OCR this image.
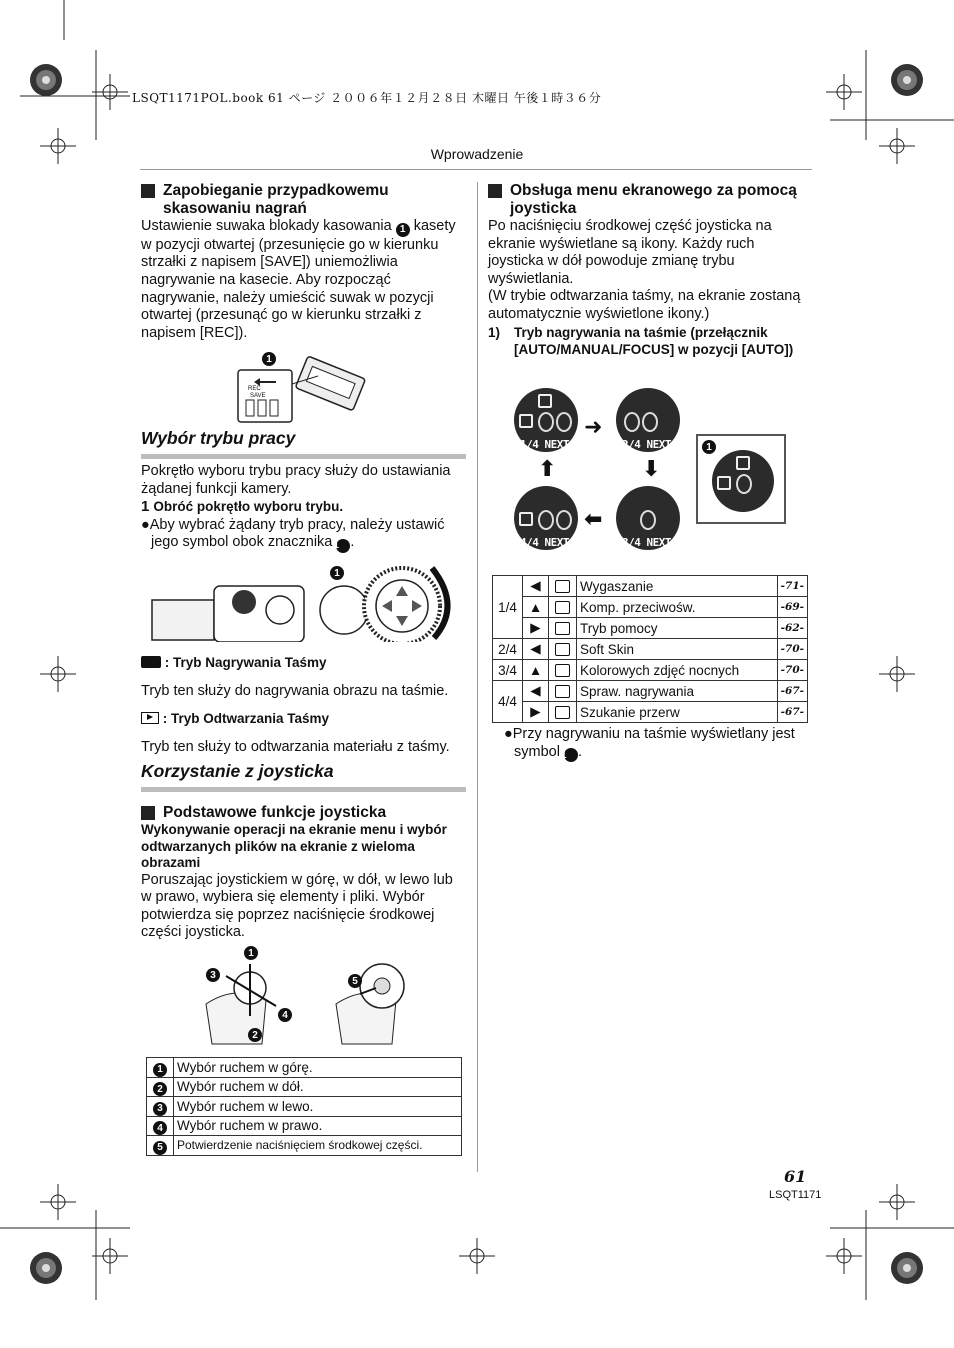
LSQT1171POL.book 61 ページ ２００６年１２月２８日 木曜日 午後１時３６分
Wprowadzenie
Zapobieganie przypadkowemu skasowaniu nagrań

Ustawienie suwaka blokady kasowania 1 kasety w pozycji otwartej (przesunięcie go w kierunku strzałki z napisem [SAVE]) uniemożliwia nagrywanie na kasecie. Aby rozpocząć nagrywanie, należy umieścić suwak w pozycji otwartej (przesunąć go w kierunku strzałki z napisem [REC]).

1
REC
SAVE
Wybór trybu pracy

Pokrętło wyboru trybu pracy służy do ustawiania żądanej funkcji kamery.

1 Obróć pokrętło wyboru trybu.

●Aby wybrać żądany tryb pracy, należy ustawić jego symbol obok znacznika 1 .

1

: Tryb Nagrywania Taśmy

Tryb ten służy do nagrywania obrazu na taśmie.

: Tryb Odtwarzania Taśmy

Tryb ten służy to odtwarzania materiału z taśmy.

Korzystanie z joysticka
Podstawowe funkcje joysticka

Wykonywanie operacji na ekranie menu i wybór odtwarzanych plików na ekranie z wieloma obrazami

Poruszając joystickiem w górę, w dół, w lewo lub w prawo, wybiera się elementy i pliki. Wybór potwierdza się poprzez naciśnięcie środkowej części joysticka.

1
2
3
4
5
1	Wybór ruchem w górę.
2	Wybór ruchem w dół.
3	Wybór ruchem w lewo.
4	Wybór ruchem w prawo.
5	Potwierdzenie naciśnięciem środkowej części.
Obsługa menu ekranowego za pomocą joysticka

Po naciśnięciu środkowej część joysticka na ekranie wyświetlane są ikony. Każdy ruch joysticka w dół powoduje zmianę trybu wyświetlania.

(W trybie odtwarzania taśmy, na ekranie zostaną automatycznie wyświetlone ikony.)

1)	Tryb nagrywania na taśmie (przełącznik [AUTO/MANUAL/FOCUS] w pozycji [AUTO])

1/4 NEXT	2/4 NEXT
3/4 NEXT
4/4 NEXT
➜
⬇
⬅
⬆
1
1/4	◀		Wygaszanie	-71-
	▲		Komp. przeciwośw.	-69-
	▶		Tryb pomocy	-62-
2/4	◀		Soft Skin	-70-
3/4	▲		Kolorowych zdjęć nocnych	-70-
4/4	◀		Spraw. nagrywania	-67-
	▶		Szukanie przerw	-67-

●Przy nagrywaniu na taśmie wyświetlany jest symbol 1 .

61
LSQT1171
